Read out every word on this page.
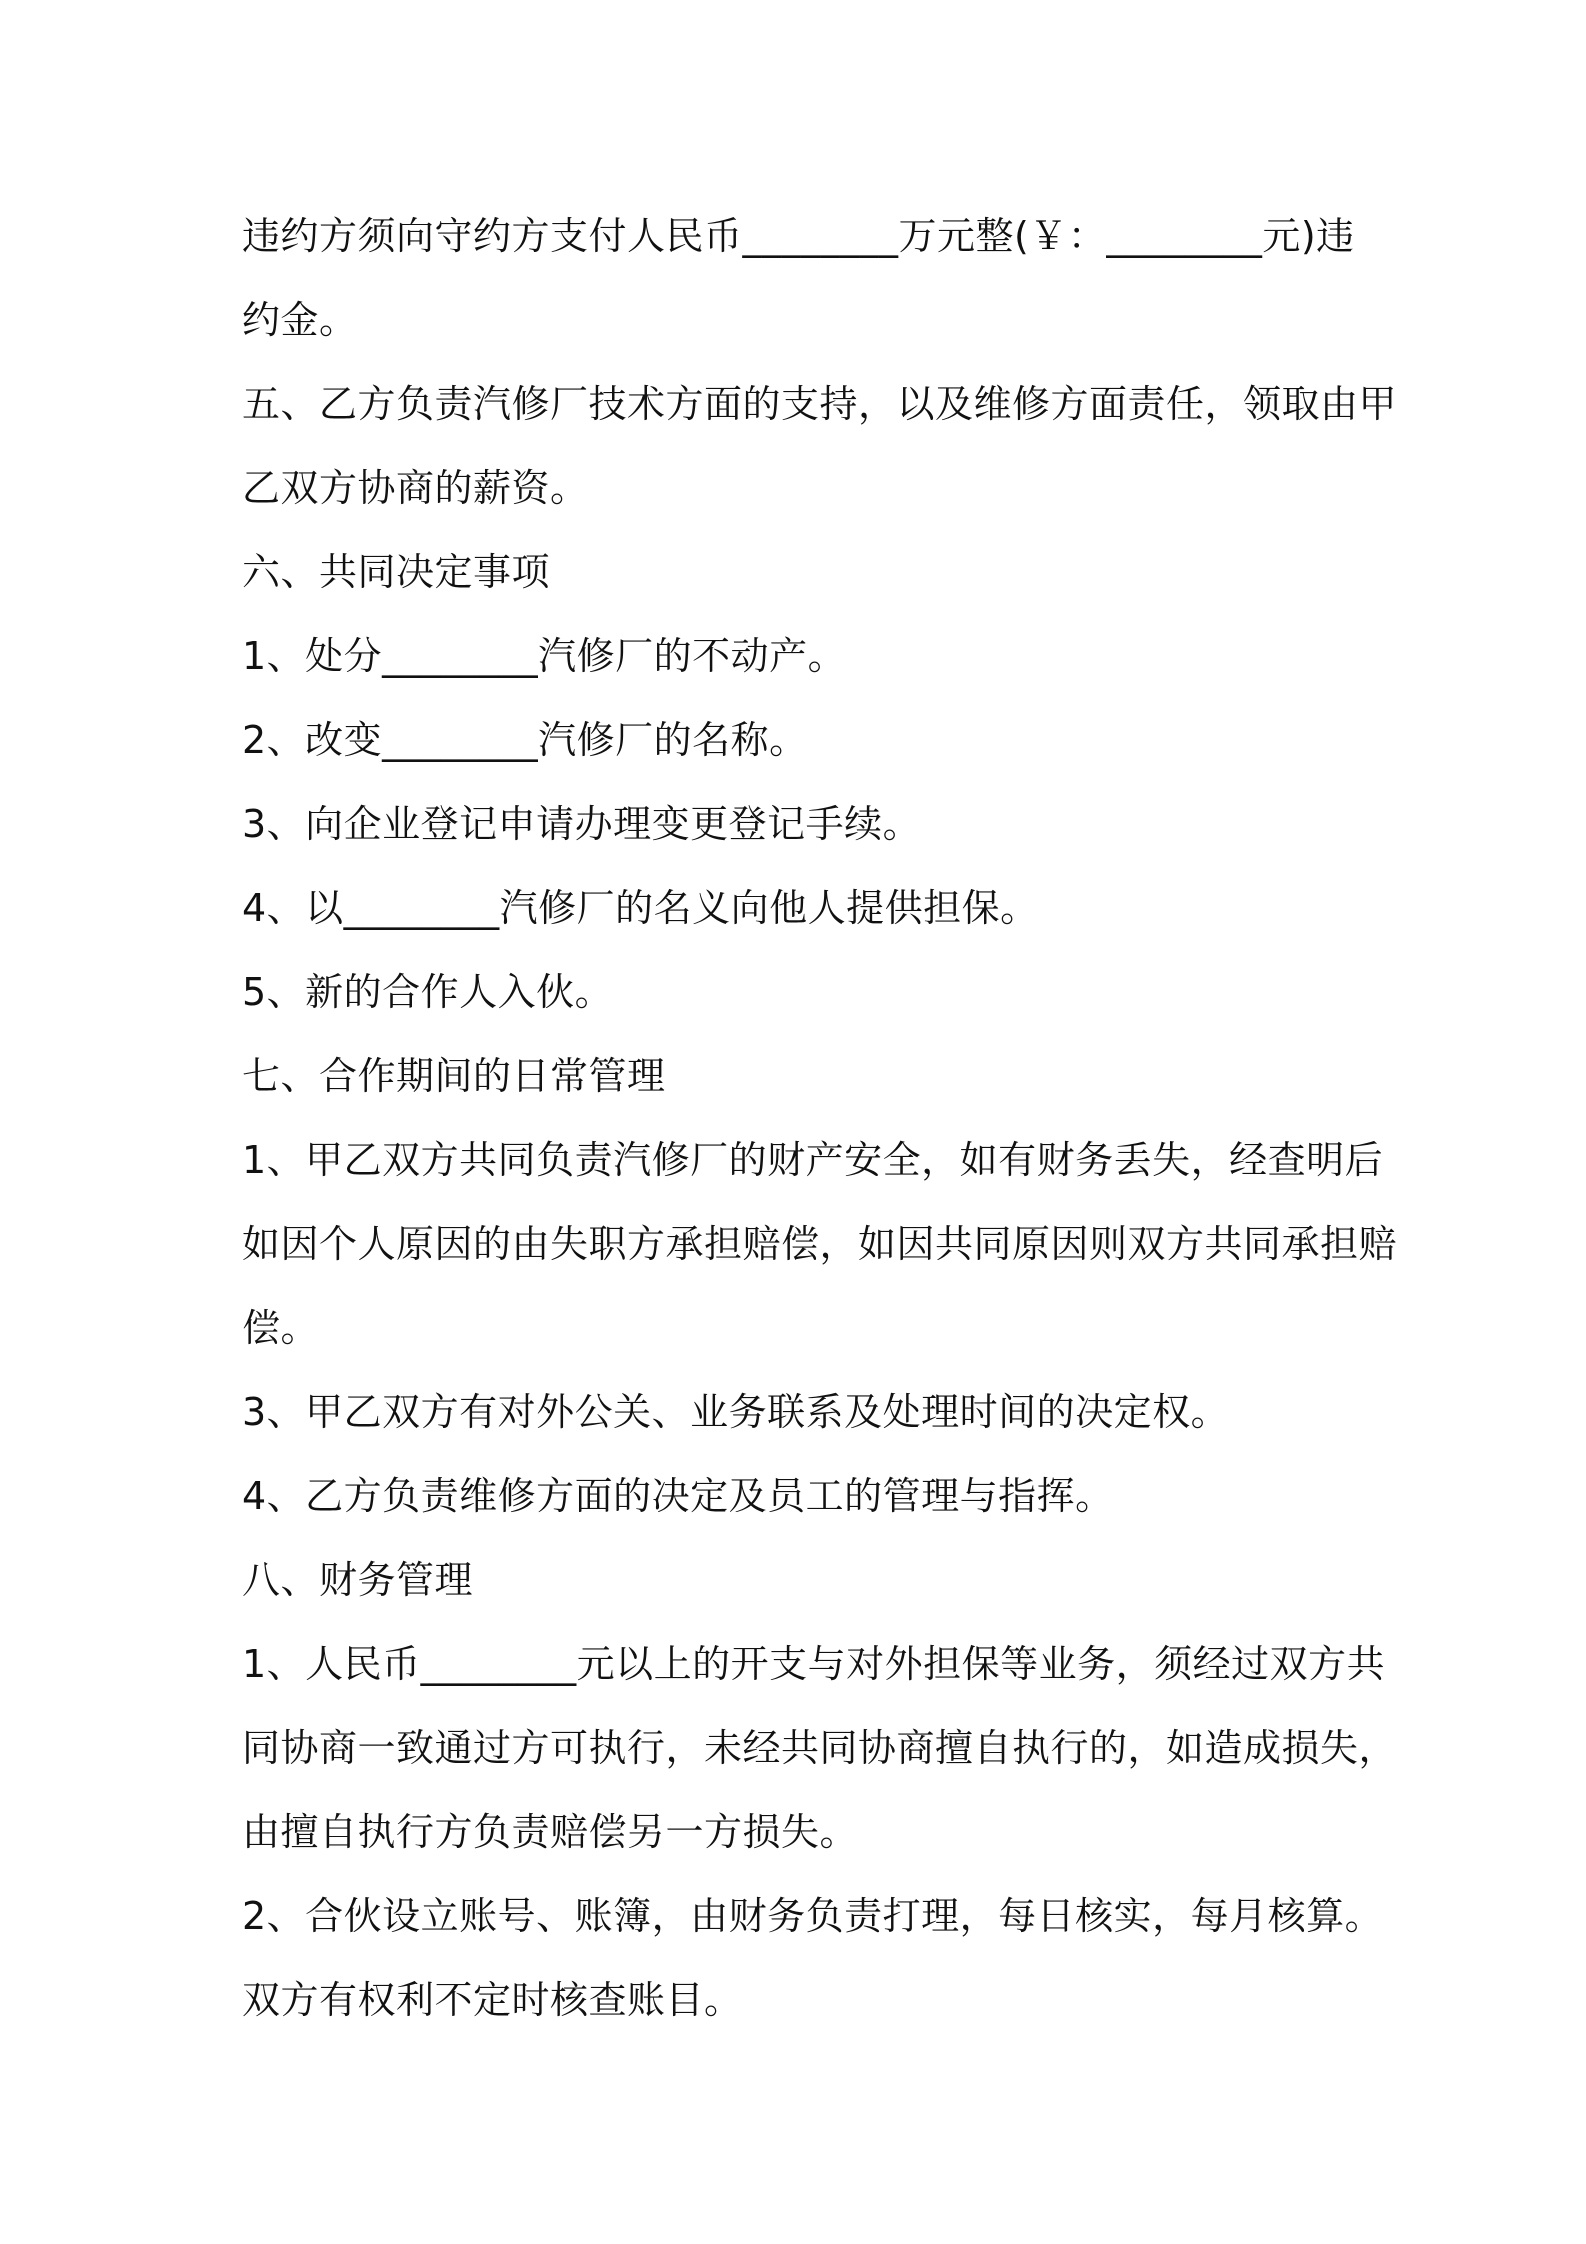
违约方须向守约方支付人民币________万元整(￥：________元)违
约金。
五、乙方负责汽修厂技术方面的支持，以及维修方面责任，领取由甲
乙双方协商的薪资。
六、共同决定事项
1、处分________汽修厂的不动产。
2、改变________汽修厂的名称。
3、向企业登记申请办理变更登记手续。
4、以________汽修厂的名义向他人提供担保。
5、新的合作人入伙。
七、合作期间的日常管理
1、甲乙双方共同负责汽修厂的财产安全，如有财务丢失，经查明后
如因个人原因的由失职方承担赔偿，如因共同原因则双方共同承担赔
偿。
3、甲乙双方有对外公关、业务联系及处理时间的决定权。
4、乙方负责维修方面的决定及员工的管理与指挥。
八、财务管理
1、人民币________元以上的开支与对外担保等业务，须经过双方共
同协商一致通过方可执行，未经共同协商擅自执行的，如造成损失，
由擅自执行方负责赔偿另一方损失。
2、合伙设立账号、账簿，由财务负责打理，每日核实，每月核算。
双方有权利不定时核查账目。
